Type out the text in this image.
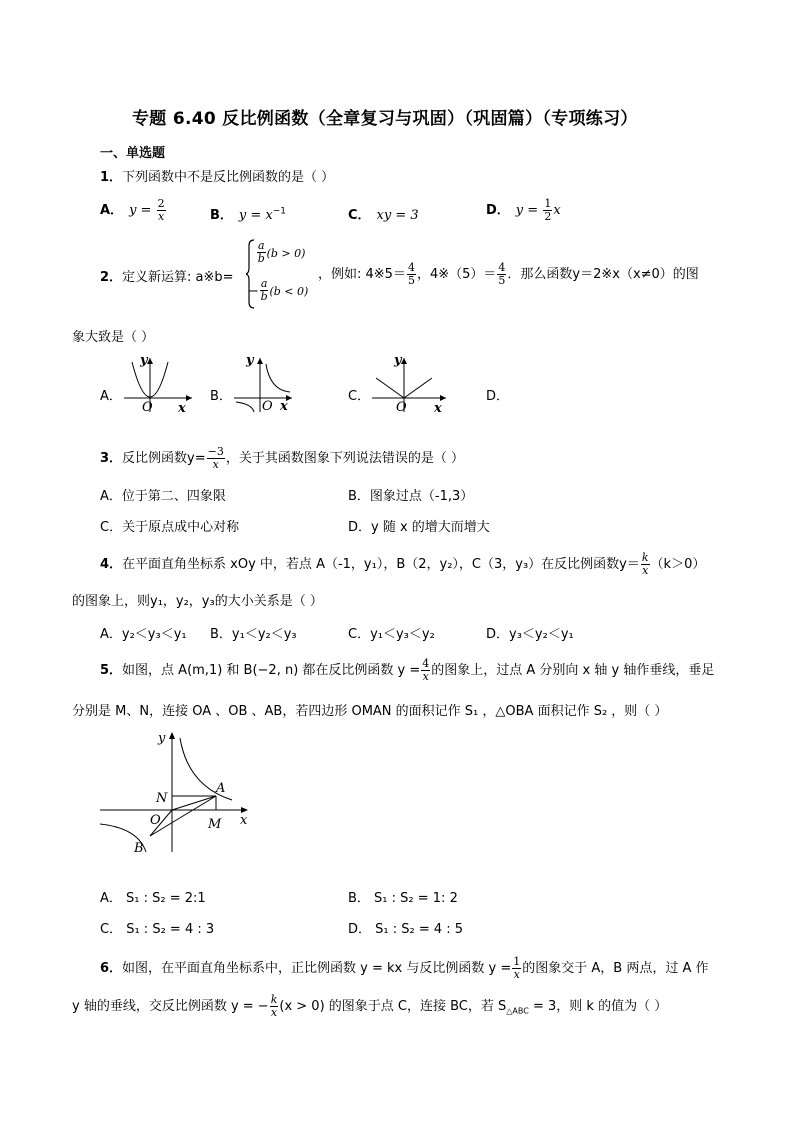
专题 6.40 反比例函数（全章复习与巩固）（巩固篇）（专项练习）
一、单选题
1．下列函数中不是反比例函数的是（ ）
A． $y = \frac{2}{x}$	B． $y = x^{-1}$	C． xy = 3	D． $y = \frac{1}{2}$ x
2．定义新运算: a※b=
$\frac{a}{b} (b > 0)$
− $\frac{a}{b} (b < 0)$
，例如: 4※5＝ $\frac{4}{5}$ ，4※（5）＝ $\frac{4}{5}$ ．那么函数y＝2※x（x≠0）的图
象大致是（ ）
A．
y
x
O
B．
y
x
O
C．
y
x
O
D．
3．反比例函数$y= \frac{-3}{x}$ ，关于其函数图象下列说法错误的是（ ）
A．位于第二、四象限	B．图象过点（-1,3）
C．关于原点成中心对称	D．y 随 x 的增大而增大
4．在平面直角坐标系 xOy 中，若点 A（-1，y₁），B（2，y₂），C（3，y₃）在反比例函数$y= \frac{k}{x} (k>0)$
的图象上，则y₁，y₂，y₃的大小关系是（ ）
A．y₂＜y₃＜y₁ B．y₁＜y₂＜y₃	C．y₁＜y₃＜y₂	D．y₃＜y₂＜y₁
5．如图，点 A(m,1) 和 B(−2, n) 都在反比例函数 $y = \frac{4}{x}$ 的图象上，过点 A 分别向 x 轴 y 轴作垂线，垂足
分别是 M、N，连接 OA 、OB 、AB，若四边形 OMAN 的面积记作 S₁ ，△OBA 面积记作 S₂ ，则（ ）
y
x
N
A
O	M
B
A． S₁ : S₂ = 2:1	B． S₁ : S₂ = 1: 2
C． S₁ : S₂ = 4 : 3	D． S₁ : S₂ = 4 : 5
6．如图，在平面直角坐标系中，正比例函数 y = kx 与反比例函数 $y = \frac{1}{x}$ 的图象交于 A，B 两点，过 A 作
y 轴的垂线，交反比例函数 y = − $\frac{k}{x} (x > 0)$ 的图象于点 C，连接 BC，若 $S_{\triangle ABC} = 3$，则 k 的值为（ ）
